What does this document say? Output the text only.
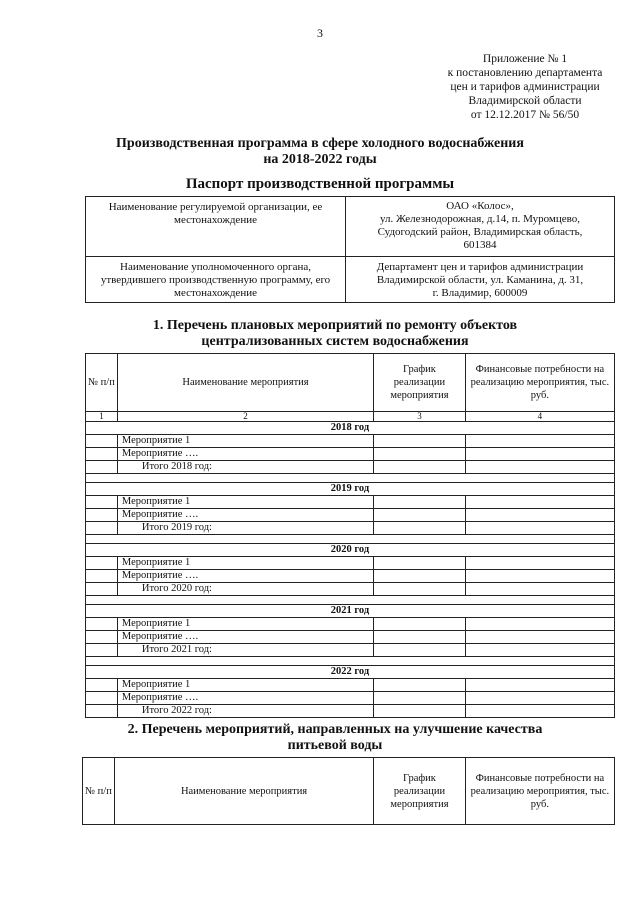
3
Приложение № 1
к постановлению департамента
цен и тарифов администрации
Владимирской области
от 12.12.2017 № 56/50
Производственная программа в сфере холодного водоснабжения
на 2018-2022 годы
Паспорт производственной программы
Наименование регулируемой организации, ее местонахождение	ОАО «Колос»,
ул. Железнодорожная, д.14, п. Муромцево,
Судогодский район, Владимирская область,
601384

Наименование уполномоченного органа, утвердившего производственную программу, его местонахождение	Департамент цен и тарифов администрации
Владимирской области, ул. Каманина, д. 31,
г. Владимир, 600009
1. Перечень плановых мероприятий по ремонту объектов
централизованных систем водоснабжения
№ п/п	Наименование мероприятия	График реализации мероприятия	Финансовые потребности на реализацию мероприятия, тыс. руб.
1	2	3	4
2018 год			
	Мероприятие 1		
	Мероприятие ….		
	Итого 2018 год:		

2019 год			
	Мероприятие 1		
	Мероприятие ….		
	Итого 2019 год:		

2020 год			
	Мероприятие 1		
	Мероприятие ….		
	Итого 2020 год:		

2021 год			
	Мероприятие 1		
	Мероприятие ….		
	Итого 2021 год:		

2022 год			
	Мероприятие 1		
	Мероприятие ….		
	Итого 2022 год:		
2. Перечень мероприятий, направленных на улучшение качества
питьевой воды
№ п/п	Наименование мероприятия	График реализации мероприятия	Финансовые потребности на реализацию мероприятия, тыс. руб.
